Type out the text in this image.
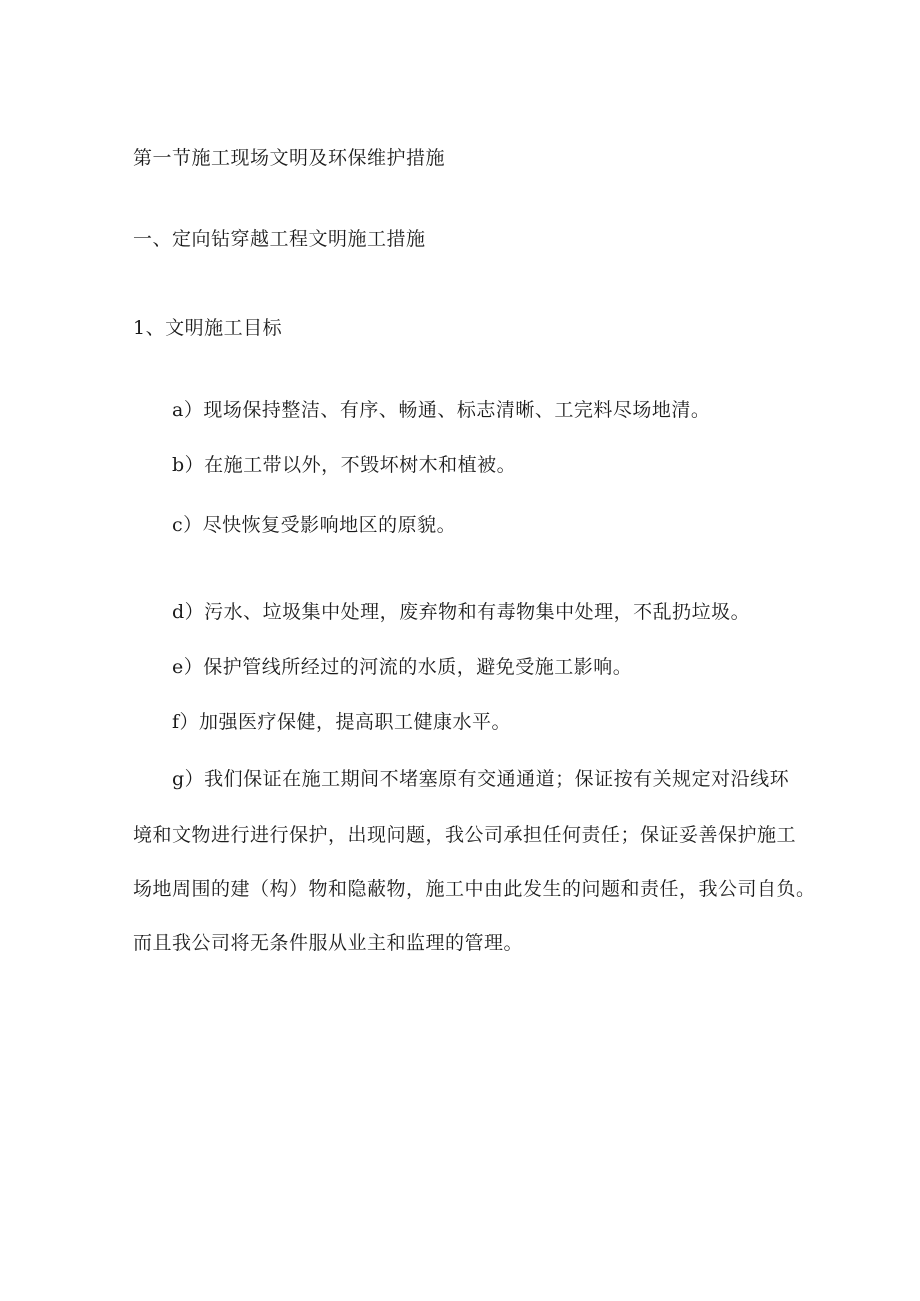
第一节施工现场文明及环保维护措施
一、定向钻穿越工程文明施工措施
1、文明施工目标
a）现场保持整洁、有序、畅通、标志清晰、工完料尽场地清。
b）在施工带以外，不毁坏树木和植被。
c）尽快恢复受影响地区的原貌。
d）污水、垃圾集中处理，废弃物和有毒物集中处理，不乱扔垃圾。
e）保护管线所经过的河流的水质，避免受施工影响。
f）加强医疗保健，提高职工健康水平。
g）我们保证在施工期间不堵塞原有交通通道；保证按有关规定对沿线环
境和文物进行进行保护，出现问题，我公司承担任何责任；保证妥善保护施工
场地周围的建（构）物和隐蔽物，施工中由此发生的问题和责任，我公司自负。
而且我公司将无条件服从业主和监理的管理。
